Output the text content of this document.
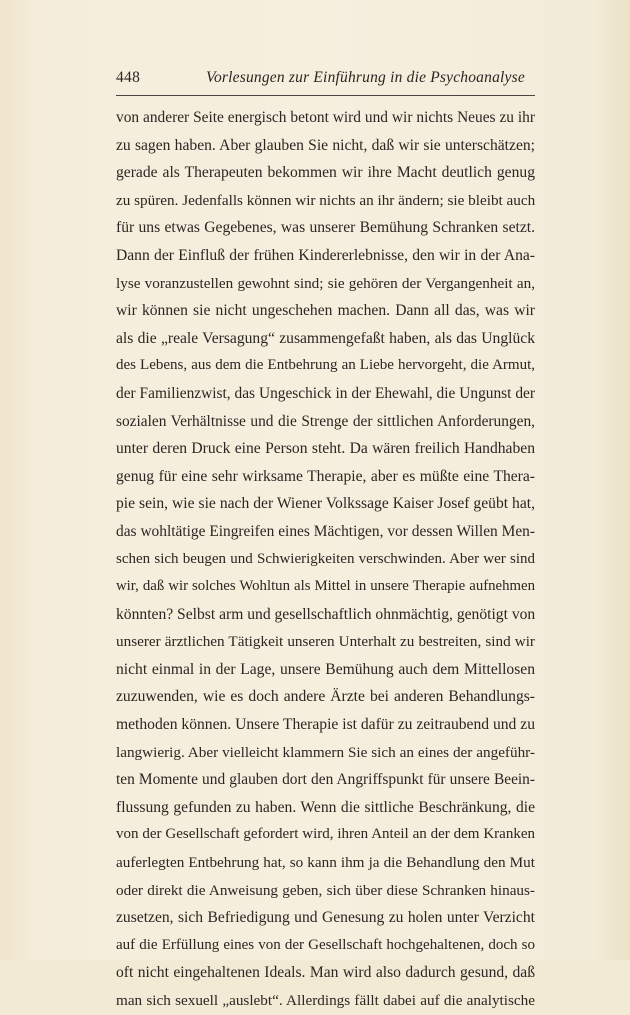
448	Vorlesungen zur Einführung in die Psychoanalyse
von anderer Seite energisch betont wird und wir nichts Neues zu ihr
zu sagen haben. Aber glauben Sie nicht, daß wir sie unterschätzen;
gerade als Therapeuten bekommen wir ihre Macht deutlich genug
zu spüren. Jedenfalls können wir nichts an ihr ändern; sie bleibt auch
für uns etwas Gegebenes, was unserer Bemühung Schranken setzt.
Dann der Einfluß der frühen Kindererlebnisse, den wir in der Ana-
lyse voranzustellen gewohnt sind; sie gehören der Vergangenheit an,
wir können sie nicht ungeschehen machen. Dann all das, was wir
als die „reale Versagung“ zusammengefaßt haben, als das Unglück
des Lebens, aus dem die Entbehrung an Liebe hervorgeht, die Armut,
der Familienzwist, das Ungeschick in der Ehewahl, die Ungunst der
sozialen Verhältnisse und die Strenge der sittlichen Anforderungen,
unter deren Druck eine Person steht. Da wären freilich Handhaben
genug für eine sehr wirksame Therapie, aber es müßte eine Thera-
pie sein, wie sie nach der Wiener Volkssage Kaiser Josef geübt hat,
das wohltätige Eingreifen eines Mächtigen, vor dessen Willen Men-
schen sich beugen und Schwierigkeiten verschwinden. Aber wer sind
wir, daß wir solches Wohltun als Mittel in unsere Therapie aufnehmen
könnten? Selbst arm und gesellschaftlich ohnmächtig, genötigt von
unserer ärztlichen Tätigkeit unseren Unterhalt zu bestreiten, sind wir
nicht einmal in der Lage, unsere Bemühung auch dem Mittellosen
zuzuwenden, wie es doch andere Ärzte bei anderen Behandlungs-
methoden können. Unsere Therapie ist dafür zu zeitraubend und zu
langwierig. Aber vielleicht klammern Sie sich an eines der angeführ-
ten Momente und glauben dort den Angriffspunkt für unsere Beein-
flussung gefunden zu haben. Wenn die sittliche Beschränkung, die
von der Gesellschaft gefordert wird, ihren Anteil an der dem Kranken
auferlegten Entbehrung hat, so kann ihm ja die Behandlung den Mut
oder direkt die Anweisung geben, sich über diese Schranken hinaus-
zusetzen, sich Befriedigung und Genesung zu holen unter Verzicht
auf die Erfüllung eines von der Gesellschaft hochgehaltenen, doch so
oft nicht eingehaltenen Ideals. Man wird also dadurch gesund, daß
man sich sexuell „auslebt“. Allerdings fällt dabei auf die analytische
